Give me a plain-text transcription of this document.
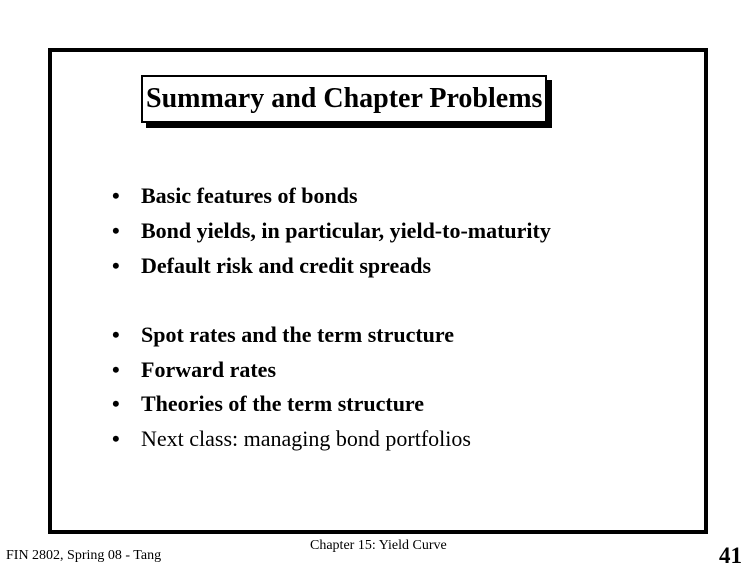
Summary and Chapter Problems
• Basic features of bonds
• Bond yields, in particular, yield-to-maturity
• Default risk and credit spreads
• Spot rates and the term structure
• Forward rates
• Theories of the term structure
• Next class: managing bond portfolios
FIN 2802, Spring 08 - Tang
Chapter 15: Yield Curve	41
